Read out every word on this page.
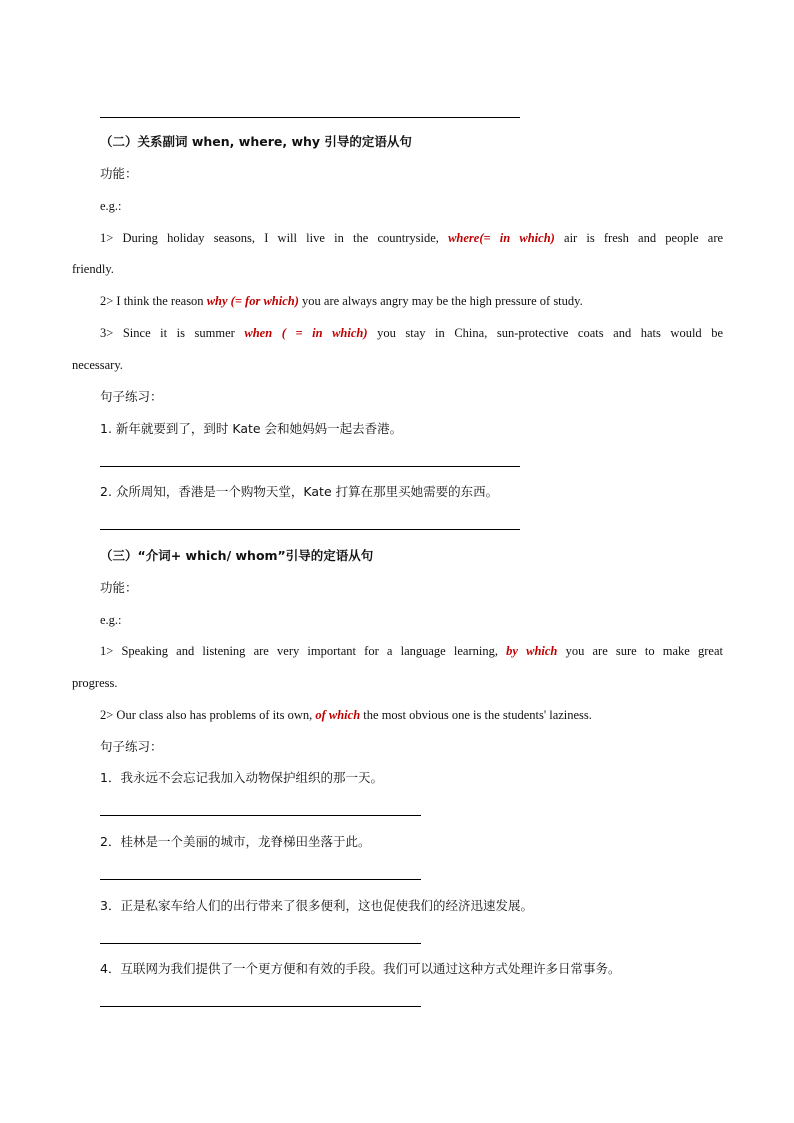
（二）关系副词 when, where, why 引导的定语从句
功能：
e.g.:
1> During holiday seasons, I will live in the countryside, where(= in which) air is fresh and people are
friendly.
2> I think the reason why (= for which) you are always angry may be the high pressure of study.
3> Since it is summer when ( = in which) you stay in China, sun-protective coats and hats would be
necessary.
句子练习：
1. 新年就要到了，到时 Kate 会和她妈妈一起去香港。
2. 众所周知，香港是一个购物天堂，Kate 打算在那里买她需要的东西。
（三）“介词+ which/ whom”引导的定语从句
功能：
e.g.:
1> Speaking and listening are very important for a language learning, by which you are sure to make great
progress.
2> Our class also has problems of its own, of which the most obvious one is the students' laziness.
句子练习：
1．我永远不会忘记我加入动物保护组织的那一天。
2．桂林是一个美丽的城市，龙脊梯田坐落于此。
3．正是私家车给人们的出行带来了很多便利，这也促使我们的经济迅速发展。
4．互联网为我们提供了一个更方便和有效的手段。我们可以通过这种方式处理许多日常事务。
